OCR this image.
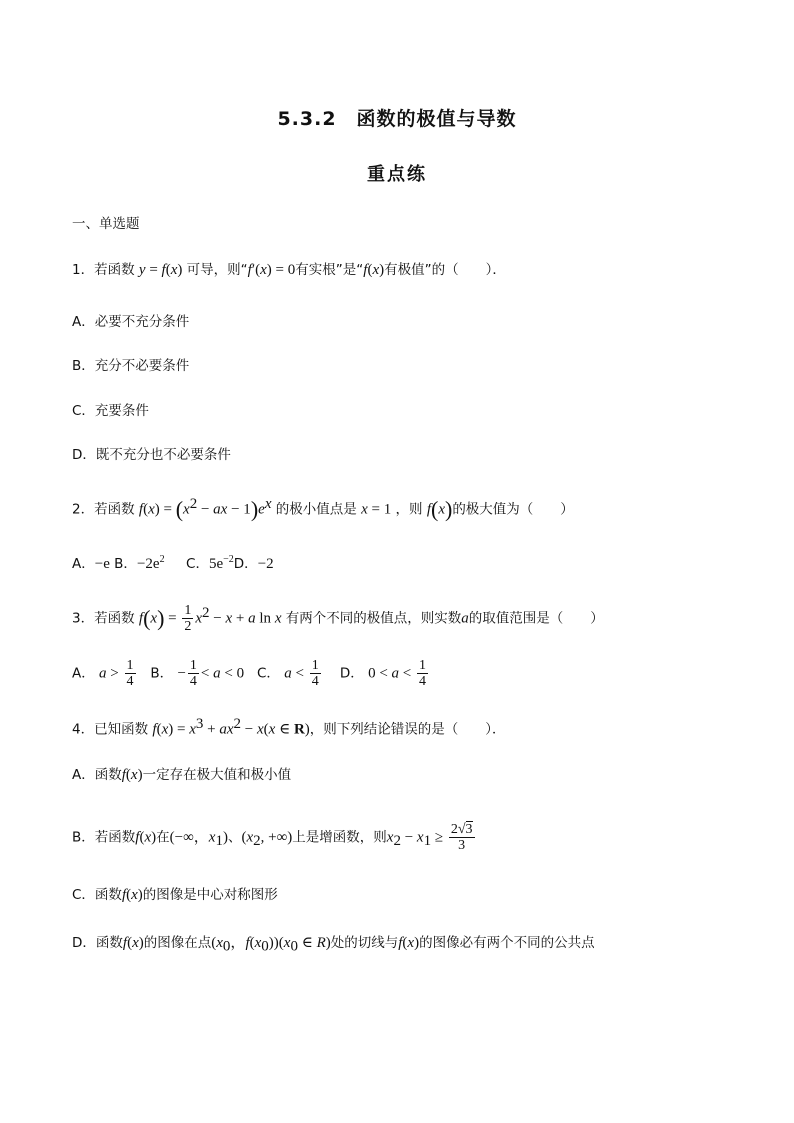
5.3.2　函数的极值与导数
重点练
一、单选题
1．若函数 y = f(x) 可导，则“f′(x) = 0有实根”是“f(x)有极值”的（　　）．
A．必要不充分条件
B．充分不必要条件
C．充要条件
D．既不充分也不必要条件
2．若函数 $f(x) = (x^2$ − ax − $1)e^x$ 的极小值点是 x = 1 ，则 f(x)的极大值为（　　）
A．−e B．$-2e^2$ C．$5e^{-2}D$．−2
3．若函数 $f(x) = \frac{1}{2} x^2 - x + a$ ln x 有两个不同的极值点，则实数a的取值范围是（　　）
A． $a > \frac{1}{4}$ B． − $\frac{1}{4} < a < 0$ C． $a < \frac{1}{4}$ D． $0 < a < \frac{1}{4}$
4．已知函数 $f(x) = x^3 + ax^2 - x(x$ ∈ R)，则下列结论错误的是（　　）．
A．函数f(x)一定存在极大值和极小值
B．若函数f(x)在(−∞，$x_1$)、($x_2$, +∞)上是增函数，则$x_2 - x_1 \ge \frac{2√3}{3}$
C．函数f(x)的图像是中心对称图形
D．函数f(x)的图像在点($x_0$，$f(x_0))(x_0$ ∈ R)处的切线与f(x)的图像必有两个不同的公共点
